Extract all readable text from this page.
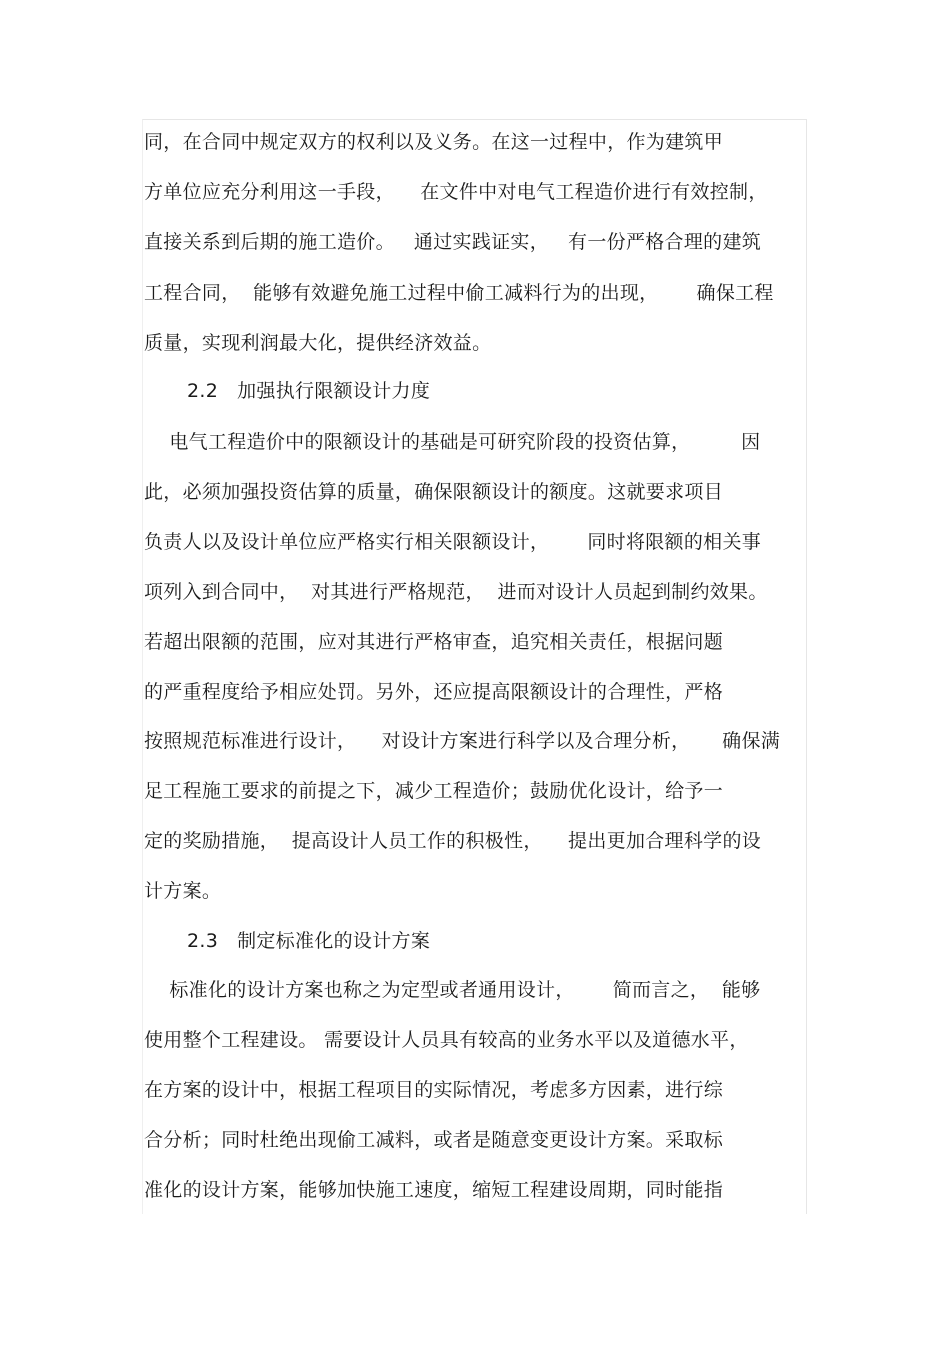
同，在合同中规定双方的权利以及义务。在这一过程中，作为建筑甲
方单位应充分利用这一手段，    在文件中对电气工程造价进行有效控制，
直接关系到后期的施工造价。   通过实践证实，   有一份严格合理的建筑
工程合同，  能够有效避免施工过程中偷工减料行为的出现，      确保工程
质量，实现利润最大化，提供经济效益。
2.2   加强执行限额设计力度
电气工程造价中的限额设计的基础是可研究阶段的投资估算，        因
此，必须加强投资估算的质量，确保限额设计的额度。这就要求项目
负责人以及设计单位应严格实行相关限额设计，      同时将限额的相关事
项列入到合同中，  对其进行严格规范，  进而对设计人员起到制约效果。
若超出限额的范围，应对其进行严格审查，追究相关责任，根据问题
的严重程度给予相应处罚。另外，还应提高限额设计的合理性，严格
按照规范标准进行设计，    对设计方案进行科学以及合理分析，     确保满
足工程施工要求的前提之下，减少工程造价；鼓励优化设计，给予一
定的奖励措施，  提高设计人员工作的积极性，    提出更加合理科学的设
计方案。
2.3   制定标准化的设计方案
标准化的设计方案也称之为定型或者通用设计，      简而言之，  能够
使用整个工程建设。 需要设计人员具有较高的业务水平以及道德水平，
在方案的设计中，根据工程项目的实际情况，考虑多方因素，进行综
合分析；同时杜绝出现偷工减料，或者是随意变更设计方案。采取标
准化的设计方案，能够加快施工速度，缩短工程建设周期，同时能指
